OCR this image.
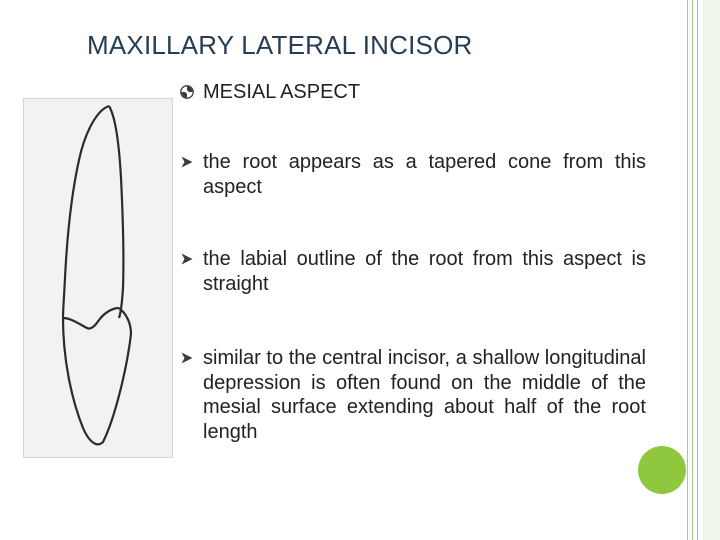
MAXILLARY LATERAL INCISOR
MESIAL ASPECT
the root appears as a tapered cone from this aspect
the labial outline of the root from this aspect is straight
similar to the central incisor, a shallow longitudinal depression is often found on the middle of the mesial surface extending about half of the root length
